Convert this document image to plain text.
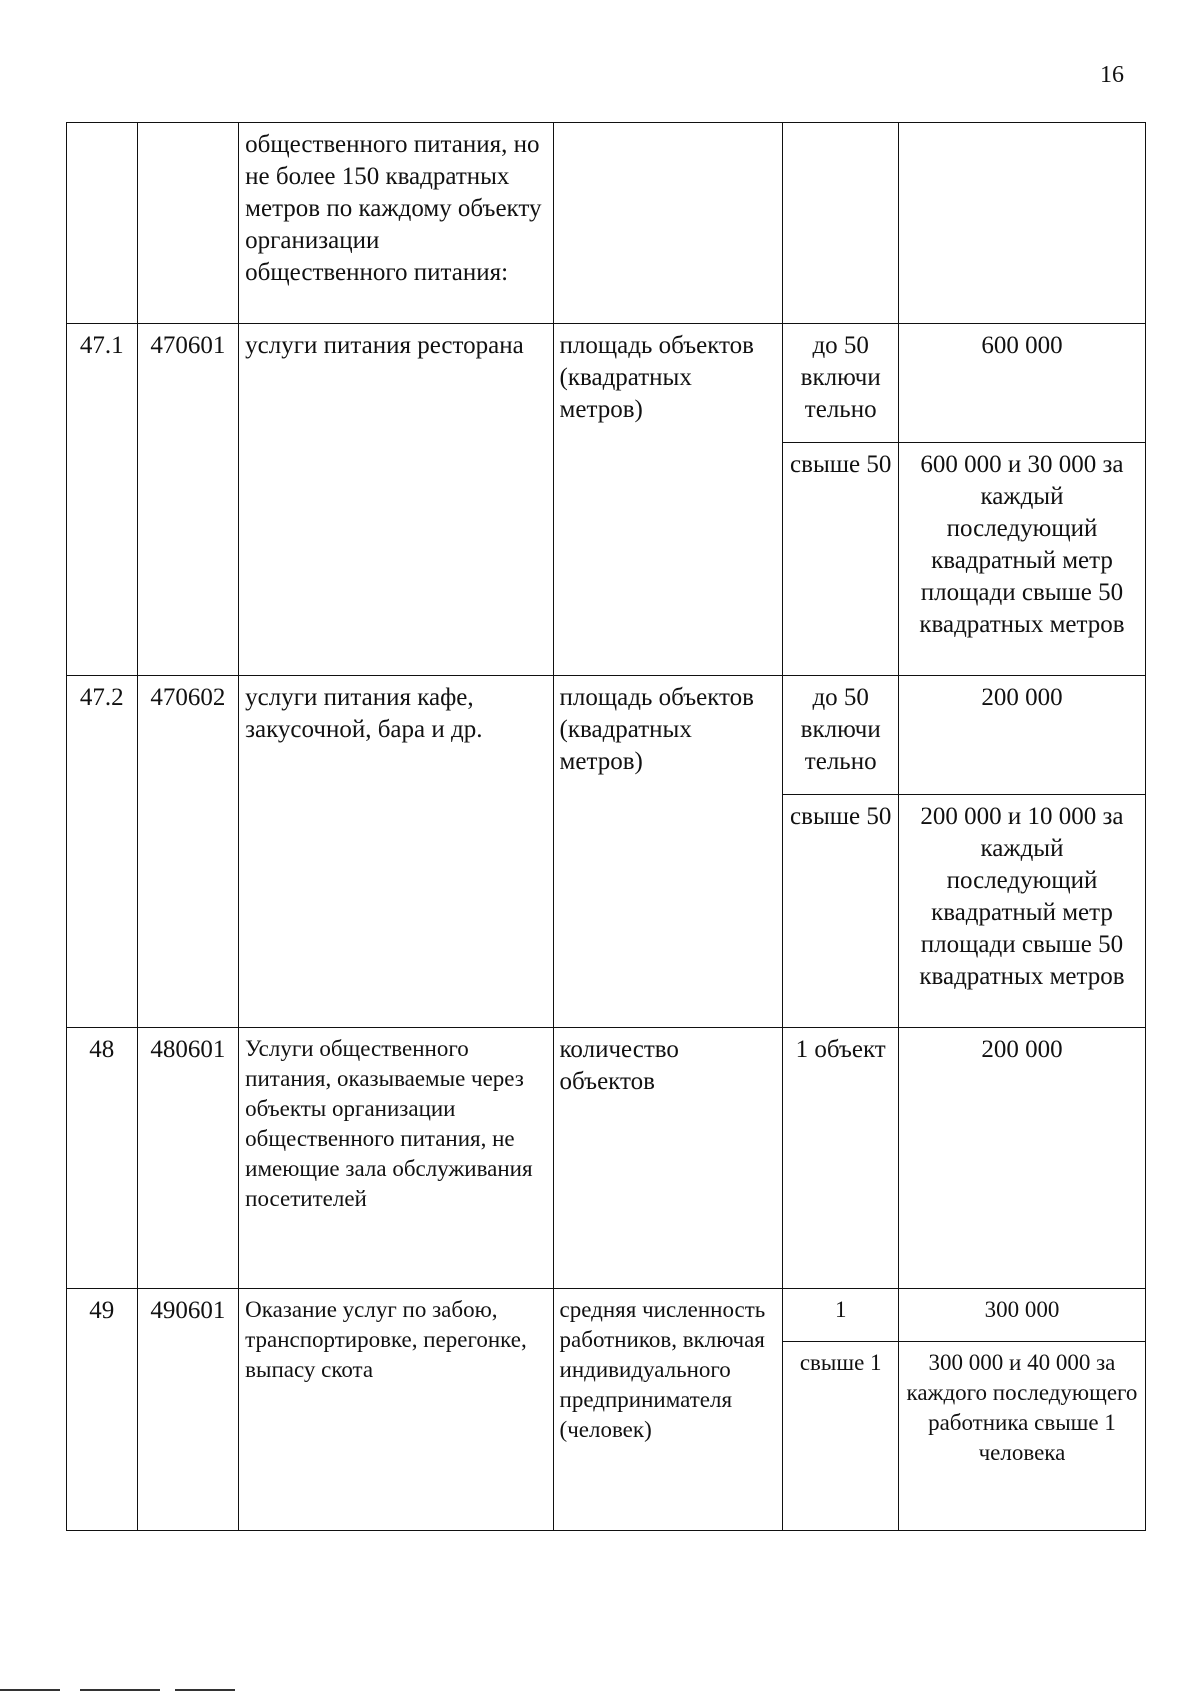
16
		общественного питания, но не более 150 квадратных метров по каждому объекту организации общественного питания:			
47.1	470601	услуги питания ресторана	площадь объектов (квадратных метров)	до 50 включи тельно	600 000
				свыше 50	600 000 и 30 000 за каждый последующий квадратный метр площади свыше 50 квадратных метров
47.2	470602	услуги питания кафе, закусочной, бара и др.	площадь объектов (квадратных метров)	до 50 включи тельно	200 000
				свыше 50	200 000 и 10 000 за каждый последующий квадратный метр площади свыше 50 квадратных метров
48	480601	Услуги общественного питания, оказываемые через объекты организации общественного питания, не имеющие зала обслуживания посетителей	количество объектов	1 объект	200 000
49	490601	Оказание услуг по забою, транспортировке, перегонке, выпасу скота	средняя численность работников, включая индивидуального предпринимателя (человек)	1	300 000
				свыше 1	300 000 и 40 000 за каждого последующего работника свыше 1 человека
